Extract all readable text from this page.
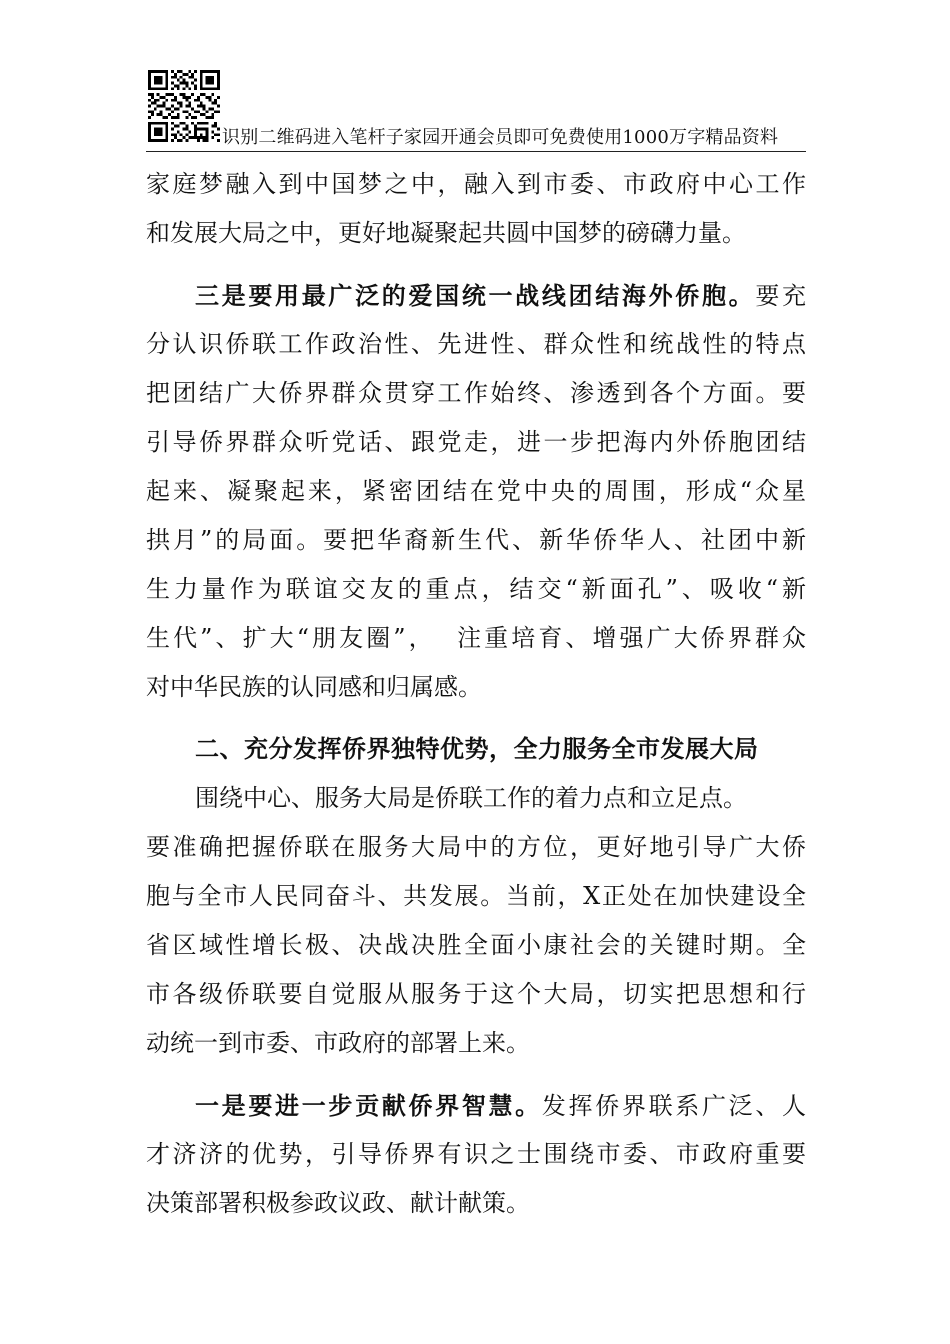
识别二维码进入笔杆子家园开通会员即可免费使用1000万字精品资料
家庭梦融入到中国梦之中，融入到市委、市政府中心工作
和发展大局之中，更好地凝聚起共圆中国梦的磅礴力量。
三是要用最广泛的爱国统一战线团结海外侨胞。要充
分认识侨联工作政治性、先进性、群众性和统战性的特点
把团结广大侨界群众贯穿工作始终、渗透到各个方面。要
引导侨界群众听党话、跟党走，进一步把海内外侨胞团结
起来、凝聚起来，紧密团结在党中央的周围，形成“众星
拱月”的局面。要把华裔新生代、新华侨华人、社团中新
生力量作为联谊交友的重点，结交“新面孔”、吸收“新
生代”、扩大“朋友圈”，  注重培育、增强广大侨界群众
对中华民族的认同感和归属感。
二、充分发挥侨界独特优势，全力服务全市发展大局
围绕中心、服务大局是侨联工作的着力点和立足点。
要准确把握侨联在服务大局中的方位，更好地引导广大侨
胞与全市人民同奋斗、共发展。当前，X正处在加快建设全
省区域性增长极、决战决胜全面小康社会的关键时期。全
市各级侨联要自觉服从服务于这个大局，切实把思想和行
动统一到市委、市政府的部署上来。
一是要进一步贡献侨界智慧。发挥侨界联系广泛、人
才济济的优势，引导侨界有识之士围绕市委、市政府重要
决策部署积极参政议政、献计献策。
